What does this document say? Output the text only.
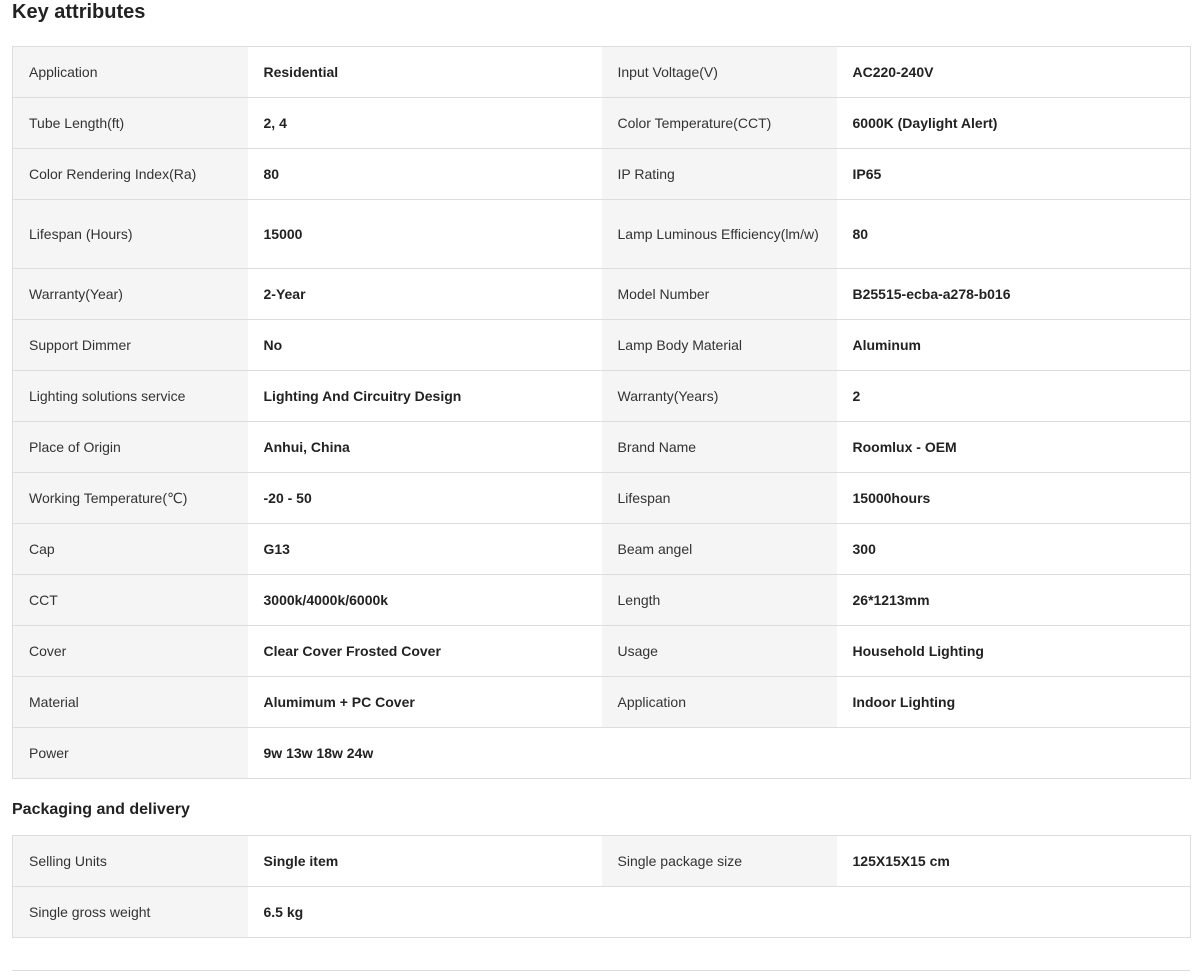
Key attributes
Application	Residential	Input Voltage(V)	AC220-240V
Tube Length(ft)	2, 4	Color Temperature(CCT)	6000K (Daylight Alert)
Color Rendering Index(Ra)	80	IP Rating	IP65
Lifespan (Hours)	15000	Lamp Luminous Efficiency(lm/w)	80
Warranty(Year)	2-Year	Model Number	B25515-ecba-a278-b016
Support Dimmer	No	Lamp Body Material	Aluminum
Lighting solutions service	Lighting And Circuitry Design	Warranty(Years)	2
Place of Origin	Anhui, China	Brand Name	Roomlux - OEM
Working Temperature(℃)	-20 - 50	Lifespan	15000hours
Cap	G13	Beam angel	300
CCT	3000k/4000k/6000k	Length	26*1213mm
Cover	Clear Cover Frosted Cover	Usage	Household Lighting
Material	Alumimum + PC Cover	Application	Indoor Lighting
Power	9w 13w 18w 24w		
Packaging and delivery
Selling Units	Single item	Single package size	125X15X15 cm
Single gross weight	6.5 kg		
